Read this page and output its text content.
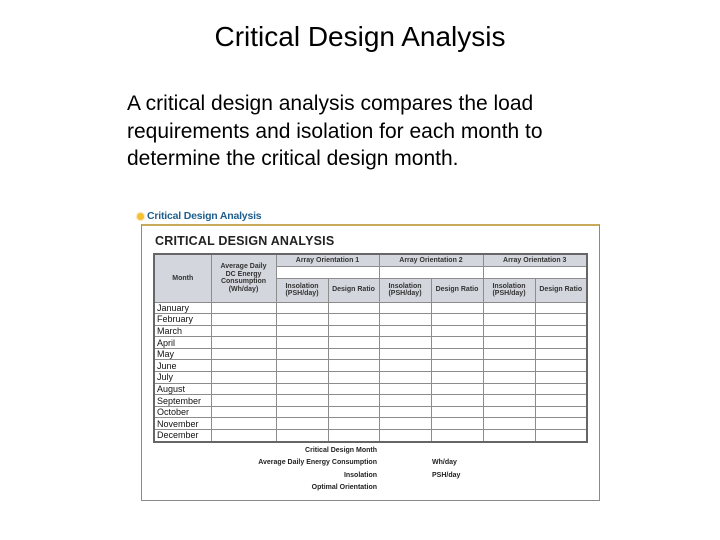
Critical Design Analysis
A critical design analysis compares the load requirements and isolation for each month to determine the critical design month.
Critical Design Analysis
CRITICAL DESIGN ANALYSIS
Month	Average Daily DC Energy Consumption (Wh/day)	Array Orientation 1		Array Orientation 2		Array Orientation 3	

		Insolation (PSH/day)	Design Ratio	Insolation (PSH/day)	Design Ratio	Insolation (PSH/day)	Design Ratio
January							
February							
March							
April							
May							
June							
July							
August							
September							
October							
November							
December							
Critical Design Month
Average Daily Energy Consumption	Wh/day
Insolation	PSH/day
Optimal Orientation
